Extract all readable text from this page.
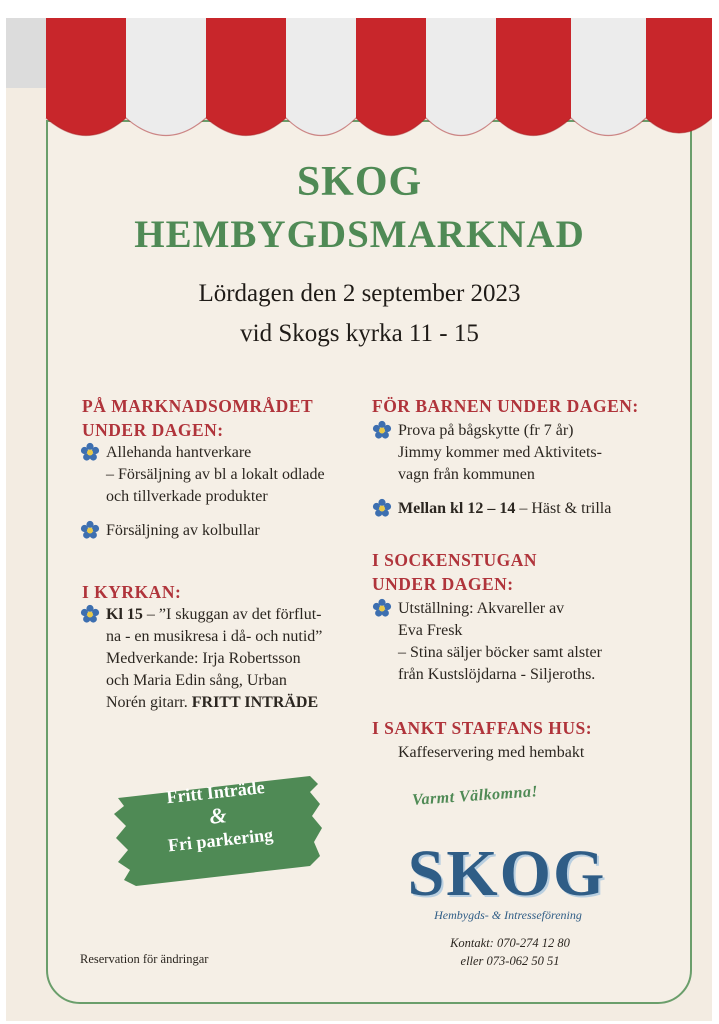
SKOG
HEMBYGDSMARKNAD
Lördagen den 2 september 2023
vid Skogs kyrka 11 - 15
PÅ MARKNADSOMRÅDET
UNDER DAGEN:
Allehanda hantverkare
– Försäljning av bl a lokalt odlade
och tillverkade produkter
Försäljning av kolbullar
I KYRKAN:
Kl 15 – ”I skuggan av det förflut-
na - en musikresa i då- och nutid”
Medverkande: Irja Robertsson
och Maria Edin sång, Urban
Norén gitarr. FRITT INTRÄDE
FÖR BARNEN UNDER DAGEN:
Prova på bågskytte (fr 7 år)
Jimmy kommer med Aktivitets-
vagn från kommunen
Mellan kl 12 – 14 – Häst & trilla
I SOCKENSTUGAN
UNDER DAGEN:
Utställning: Akvareller av
Eva Fresk
– Stina säljer böcker samt alster
från Kustslöjdarna - Siljeroths.
I SANKT STAFFANS HUS:
Kaffeservering med hembakt
Fritt Inträde
&
Fri parkering
Varmt Välkomna!
SKOG
Hembygds- & Intresseförening
Kontakt: 070-274 12 80
eller 073-062 50 51
Reservation för ändringar
